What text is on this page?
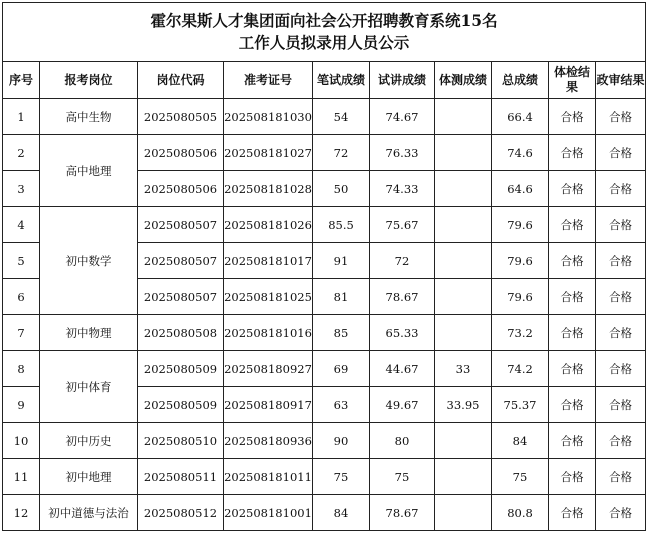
霍尔果斯人才集团面向社会公开招聘教育系统15名
工作人员拟录用人员公示									

序号	报考岗位	岗位代码	准考证号	笔试成绩	试讲成绩	体测成绩	总成绩	体检结果	政审结果
1	高中生物	2025080505	202508181030	54	74.67		66.4	合格	合格
2	高中地理	2025080506	202508181027	72	76.33		74.6	合格	合格
3		2025080506	202508181028	50	74.33		64.6	合格	合格
4	初中数学	2025080507	202508181026	85.5	75.67		79.6	合格	合格
5		2025080507	202508181017	91	72		79.6	合格	合格
6		2025080507	202508181025	81	78.67		79.6	合格	合格
7	初中物理	2025080508	202508181016	85	65.33		73.2	合格	合格
8	初中体育	2025080509	202508180927	69	44.67	33	74.2	合格	合格
9		2025080509	202508180917	63	49.67	33.95	75.37	合格	合格
10	初中历史	2025080510	202508180936	90	80		84	合格	合格
11	初中地理	2025080511	202508181011	75	75		75	合格	合格
12	初中道德与法治	2025080512	202508181001	84	78.67		80.8	合格	合格
